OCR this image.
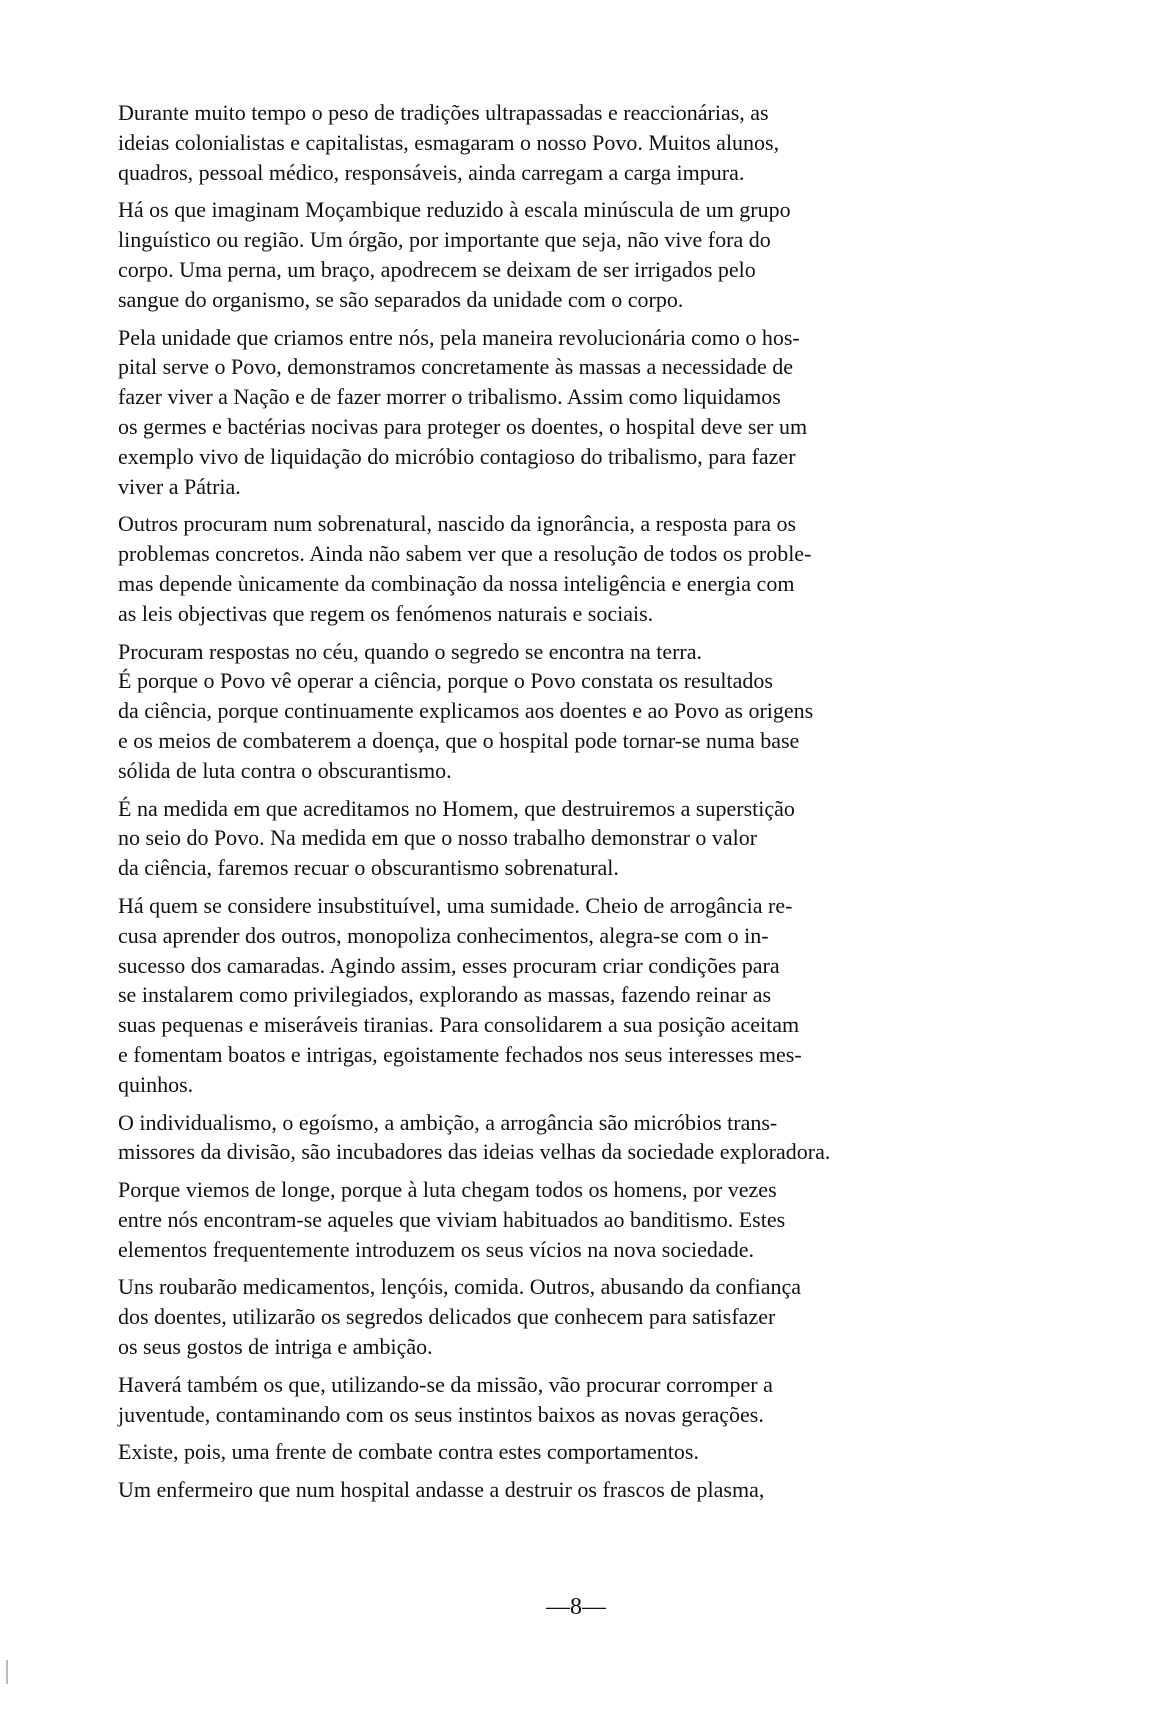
Durante muito tempo o peso de tradições ultrapassadas e reaccionárias, as
ideias colonialistas e capitalistas, esmagaram o nosso Povo. Muitos alunos,
quadros, pessoal médico, responsáveis, ainda carregam a carga impura.

Há os que imaginam Moçambique reduzido à escala minúscula de um grupo
linguístico ou região. Um órgão, por importante que seja, não vive fora do
corpo. Uma perna, um braço, apodrecem se deixam de ser irrigados pelo
sangue do organismo, se são separados da unidade com o corpo.

Pela unidade que criamos entre nós, pela maneira revolucionária como o hos-
pital serve o Povo, demonstramos concretamente às massas a necessidade de
fazer viver a Nação e de fazer morrer o tribalismo. Assim como liquidamos
os germes e bactérias nocivas para proteger os doentes, o hospital deve ser um
exemplo vivo de liquidação do micróbio contagioso do tribalismo, para fazer
viver a Pátria.

Outros procuram num sobrenatural, nascido da ignorância, a resposta para os
problemas concretos. Ainda não sabem ver que a resolução de todos os proble-
mas depende ùnicamente da combinação da nossa inteligência e energia com
as leis objectivas que regem os fenómenos naturais e sociais.

Procuram respostas no céu, quando o segredo se encontra na terra.
É porque o Povo vê operar a ciência, porque o Povo constata os resultados
da ciência, porque continuamente explicamos aos doentes e ao Povo as origens
e os meios de combaterem a doença, que o hospital pode tornar-se numa base
sólida de luta contra o obscurantismo.

É na medida em que acreditamos no Homem, que destruiremos a superstição
no seio do Povo. Na medida em que o nosso trabalho demonstrar o valor
da ciência, faremos recuar o obscurantismo sobrenatural.

Há quem se considere insubstituível, uma sumidade. Cheio de arrogância re-
cusa aprender dos outros, monopoliza conhecimentos, alegra-se com o in-
sucesso dos camaradas. Agindo assim, esses procuram criar condições para
se instalarem como privilegiados, explorando as massas, fazendo reinar as
suas pequenas e miseráveis tiranias. Para consolidarem a sua posição aceitam
e fomentam boatos e intrigas, egoistamente fechados nos seus interesses mes-
quinhos.

O individualismo, o egoísmo, a ambição, a arrogância são micróbios trans-
missores da divisão, são incubadores das ideias velhas da sociedade exploradora.

Porque viemos de longe, porque à luta chegam todos os homens, por vezes
entre nós encontram-se aqueles que viviam habituados ao banditismo. Estes
elementos frequentemente introduzem os seus vícios na nova sociedade.

Uns roubarão medicamentos, lençóis, comida. Outros, abusando da confiança
dos doentes, utilizarão os segredos delicados que conhecem para satisfazer
os seus gostos de intriga e ambição.

Haverá também os que, utilizando-se da missão, vão procurar corromper a
juventude, contaminando com os seus instintos baixos as novas gerações.

Existe, pois, uma frente de combate contra estes comportamentos.

Um enfermeiro que num hospital andasse a destruir os frascos de plasma,

—8—
